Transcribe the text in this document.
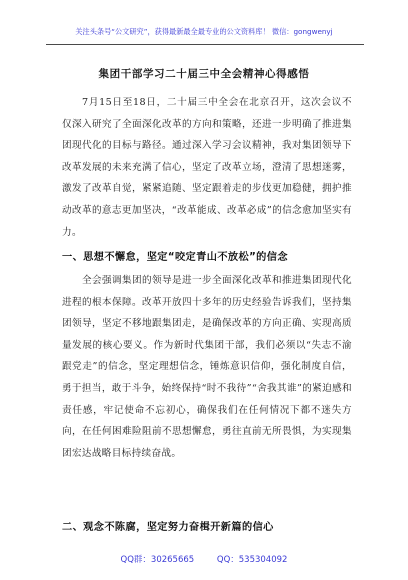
关注头条号“公文研究”，获得最新最全最专业的公文资料库！ 微信：gongwenyj
集团干部学习二十届三中全会精神心得感悟

7月15日至18日，二十届三中全会在北京召开，这次会议不仅深入研究了全面深化改革的方向和策略，还进一步明确了推进集团现代化的目标与路径。通过深入学习会议精神，我对集团领导下改革发展的未来充满了信心，坚定了改革立场，澄清了思想迷雾，激发了改革自觉，紧紧追随、坚定跟着走的步伐更加稳健，拥护推动改革的意志更加坚决，“改革能成、改革必成”的信念愈加坚实有力。

一、思想不懈怠，坚定“咬定青山不放松”的信念

全会强调集团的领导是进一步全面深化改革和推进集团现代化进程的根本保障。改革开放四十多年的历史经验告诉我们，坚持集团领导，坚定不移地跟集团走，是确保改革的方向正确、实现高质量发展的核心要义。作为新时代集团干部，我们必须以“失志不渝跟党走”的信念，坚定理想信念，锤炼意识信仰，强化制度自信，勇于担当，敢于斗争，始终保持“时不我待”“舍我其谁”的紧迫感和责任感，牢记使命不忘初心，确保我们在任何情况下都不迷失方向，在任何困难险阻前不思想懈怠，勇往直前无所畏惧，为实现集团宏达战略目标持续奋战。

二、观念不陈腐，坚定努力奋楫开新篇的信心
QQ群：30265665	QQ：535304092
